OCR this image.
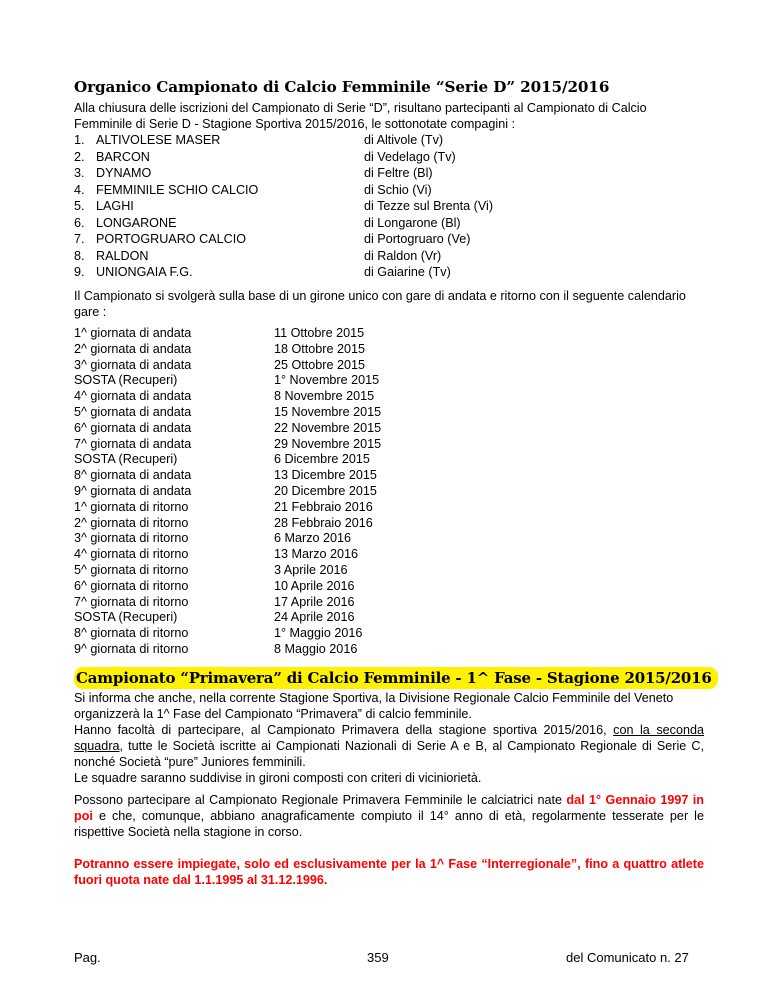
Organico Campionato di Calcio Femminile “Serie D” 2015/2016
Alla chiusura delle iscrizioni del Campionato di Serie “D”, risultano partecipanti al Campionato di Calcio
Femminile di Serie D - Stagione Sportiva 2015/2016, le sottonotate compagini :
1. ALTIVOLESE MASER	di Altivole (Tv)
2. BARCON	di Vedelago (Tv)
3. DYNAMO	di Feltre (Bl)
4. FEMMINILE SCHIO CALCIO	di Schio (Vi)
5. LAGHI	di Tezze sul Brenta (Vi)
6. LONGARONE	di Longarone (Bl)
7. PORTOGRUARO CALCIO	di Portogruaro (Ve)
8. RALDON	di Raldon (Vr)
9. UNIONGAIA F.G.	di Gaiarine (Tv)
Il Campionato si svolgerà sulla base di un girone unico con gare di andata e ritorno con il seguente calendario
gare :
1^ giornata di andata	11 Ottobre 2015
2^ giornata di andata	18 Ottobre 2015
3^ giornata di andata	25 Ottobre 2015
SOSTA (Recuperi)	1° Novembre 2015
4^ giornata di andata	8 Novembre 2015
5^ giornata di andata	15 Novembre 2015
6^ giornata di andata	22 Novembre 2015
7^ giornata di andata	29 Novembre 2015
SOSTA (Recuperi)	6 Dicembre 2015
8^ giornata di andata	13 Dicembre 2015
9^ giornata di andata	20 Dicembre 2015
1^ giornata di ritorno	21 Febbraio 2016
2^ giornata di ritorno	28 Febbraio 2016
3^ giornata di ritorno	6 Marzo 2016
4^ giornata di ritorno	13 Marzo 2016
5^ giornata di ritorno	3 Aprile 2016
6^ giornata di ritorno	10 Aprile 2016
7^ giornata di ritorno	17 Aprile 2016
SOSTA (Recuperi)	24 Aprile 2016
8^ giornata di ritorno	1° Maggio 2016
9^ giornata di ritorno	8 Maggio 2016
Campionato “Primavera” di Calcio Femminile - 1^ Fase - Stagione 2015/2016
Si informa che anche, nella corrente Stagione Sportiva, la Divisione Regionale Calcio Femminile del Veneto
organizzerà la 1^ Fase del Campionato “Primavera” di calcio femminile.
Hanno facoltà di partecipare, al Campionato Primavera della stagione sportiva 2015/2016, con la seconda squadra, tutte le Società iscritte ai Campionati Nazionali di Serie A e B, al Campionato Regionale di Serie C, nonché Società “pure” Juniores femminili.
Le squadre saranno suddivise in gironi composti con criteri di viciniorietà.
Possono partecipare al Campionato Regionale Primavera Femminile le calciatrici nate dal 1° Gennaio 1997 in poi e che, comunque, abbiano anagraficamente compiuto il 14° anno di età, regolarmente tesserate per le rispettive Società nella stagione in corso.
Potranno essere impiegate, solo ed esclusivamente per la 1^ Fase “Interregionale”, fino a quattro atlete fuori quota nate dal 1.1.1995 al 31.12.1996.
Pag.	359	del Comunicato n. 27
